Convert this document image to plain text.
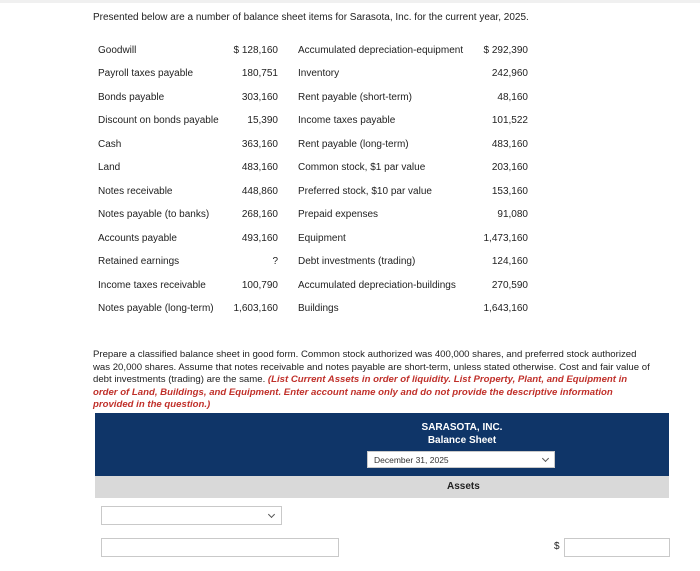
Presented below are a number of balance sheet items for Sarasota, Inc. for the current year, 2025.
Goodwill	$ 128,160 Accumulated depreciation-equipment $ 292,390
Payroll taxes payable	180,751 Inventory	242,960
Bonds payable	303,160 Rent payable (short-term)	48,160
Discount on bonds payable	15,390 Income taxes payable	101,522
Cash	363,160 Rent payable (long-term)	483,160
Land	483,160 Common stock, $1 par value	203,160
Notes receivable	448,860 Preferred stock, $10 par value	153,160
Notes payable (to banks)	268,160 Prepaid expenses	91,080
Accounts payable	493,160 Equipment	1,473,160
Retained earnings	? Debt investments (trading)	124,160
Income taxes receivable	100,790 Accumulated depreciation-buildings	270,590
Notes payable (long-term) 1,603,160 Buildings	1,643,160
Prepare a classified balance sheet in good form. Common stock authorized was 400,000 shares, and preferred stock authorized was 20,000 shares. Assume that notes receivable and notes payable are short-term, unless stated otherwise. Cost and fair value of debt investments (trading) are the same. (List Current Assets in order of liquidity. List Property, Plant, and Equipment in order of Land, Buildings, and Equipment. Enter account name only and do not provide the descriptive information provided in the question.)
SARASOTA, INC.
Balance Sheet
December 31, 2025
Assets
$
